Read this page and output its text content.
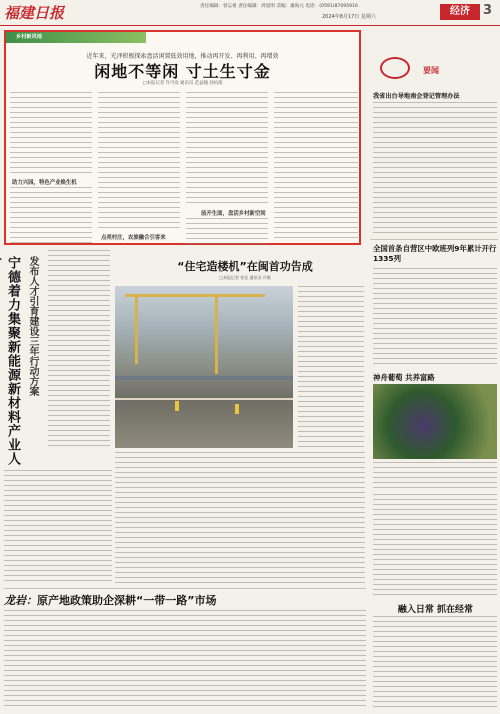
福建日报	责任编辑：曾忘祖 责任编辑：周思明 美编：庸海元 电话：(0591)87095916
2024年8月17日 星期六	经济	3
乡村新风地
近年来，光泽积极探索盘活闲置低效用地，推动再开发、再利用、再增效
闲地不等闲 寸土生寸金
□本报记者 许可欢 通讯员 范益翰 孙杭琛
助力兴园，特色产业焕生机
点亮村庄，农旅融合引客来
前开生面，盘活乡村新空间
要闻
我省出台导地南会登记管理办法
全国首条自营区中欧班列9年累计开行1335列
神舟葡萄 共养富路
融入日常 抓在经常
宁德着力集聚新能源新材料产业人
发布人才引育建设三年行动方案	“住宅造楼机”在闽首功告成
□本报记者 张佳 通讯员 许敏
龙岩：原产地政策助企深耕“一带一路”市场
